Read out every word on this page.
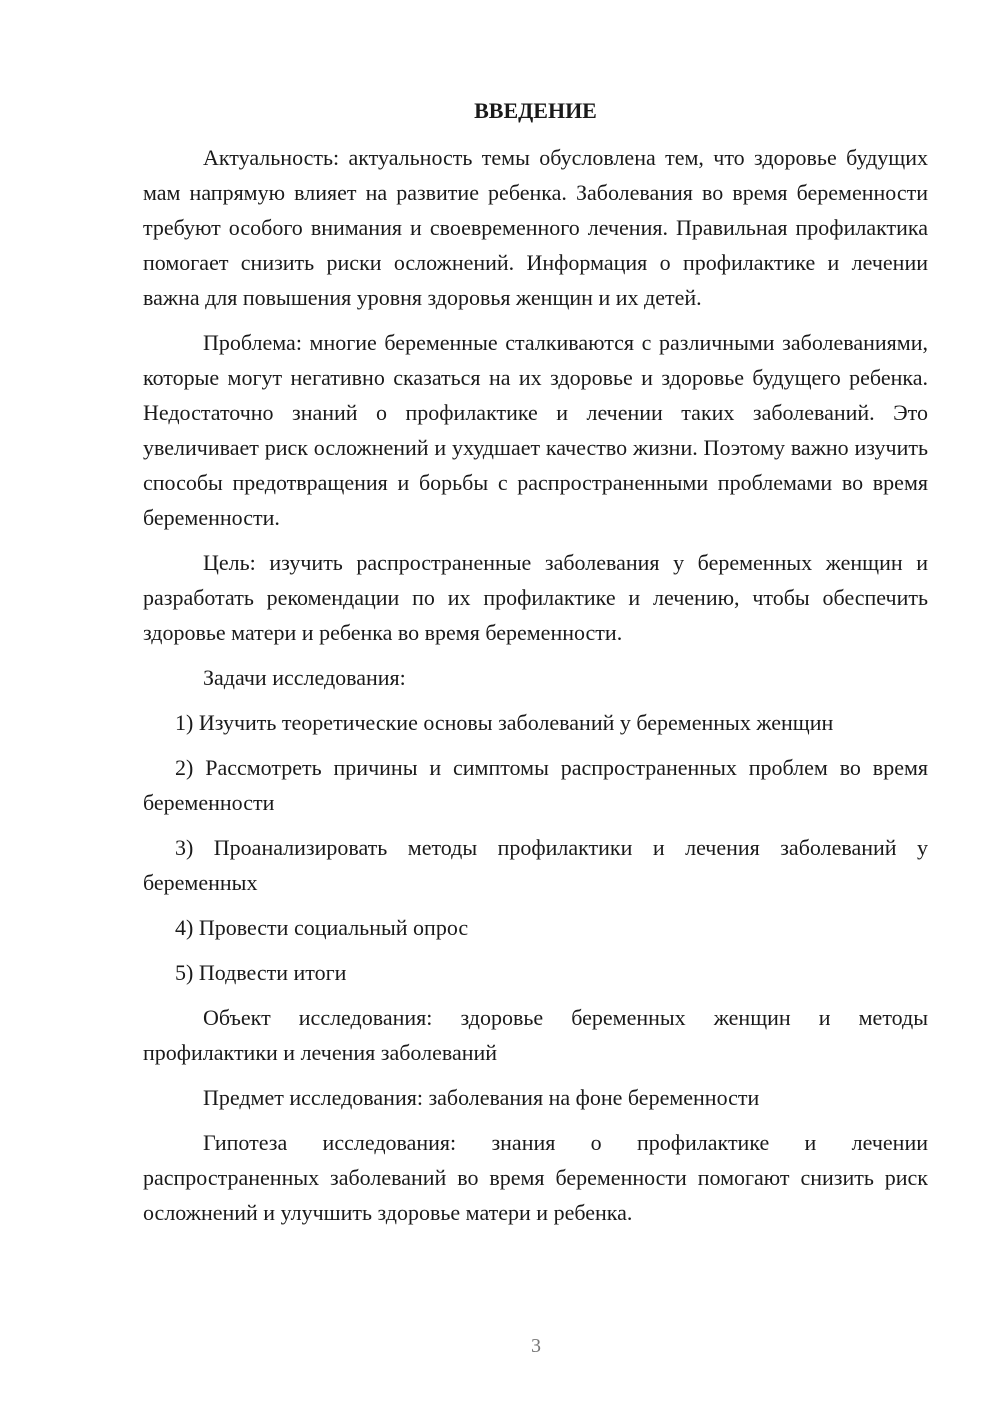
ВВЕДЕНИЕ

Актуальность: актуальность темы обусловлена тем, что здоровье будущих мам напрямую влияет на развитие ребенка. Заболевания во время беременности требуют особого внимания и своевременного лечения. Правильная профилактика помогает снизить риски осложнений. Информация о профилактике и лечении важна для повышения уровня здоровья женщин и их детей.

Проблема: многие беременные сталкиваются с различными заболеваниями, которые могут негативно сказаться на их здоровье и здоровье будущего ребенка. Недостаточно знаний о профилактике и лечении таких заболеваний. Это увеличивает риск осложнений и ухудшает качество жизни. Поэтому важно изучить способы предотвращения и борьбы с распространенными проблемами во время беременности.

Цель: изучить распространенные заболевания у беременных женщин и разработать рекомендации по их профилактике и лечению, чтобы обеспечить здоровье матери и ребенка во время беременности.

Задачи исследования:

1) Изучить теоретические основы заболеваний у беременных женщин

2) Рассмотреть причины и симптомы распространенных проблем во время беременности

3) Проанализировать методы профилактики и лечения заболеваний у беременных

4) Провести социальный опрос

5) Подвести итоги

Объект исследования: здоровье беременных женщин и методы профилактики и лечения заболеваний

Предмет исследования: заболевания на фоне беременности

Гипотеза исследования: знания о профилактике и лечении распространенных заболеваний во время беременности помогают снизить риск осложнений и улучшить здоровье матери и ребенка.

3
